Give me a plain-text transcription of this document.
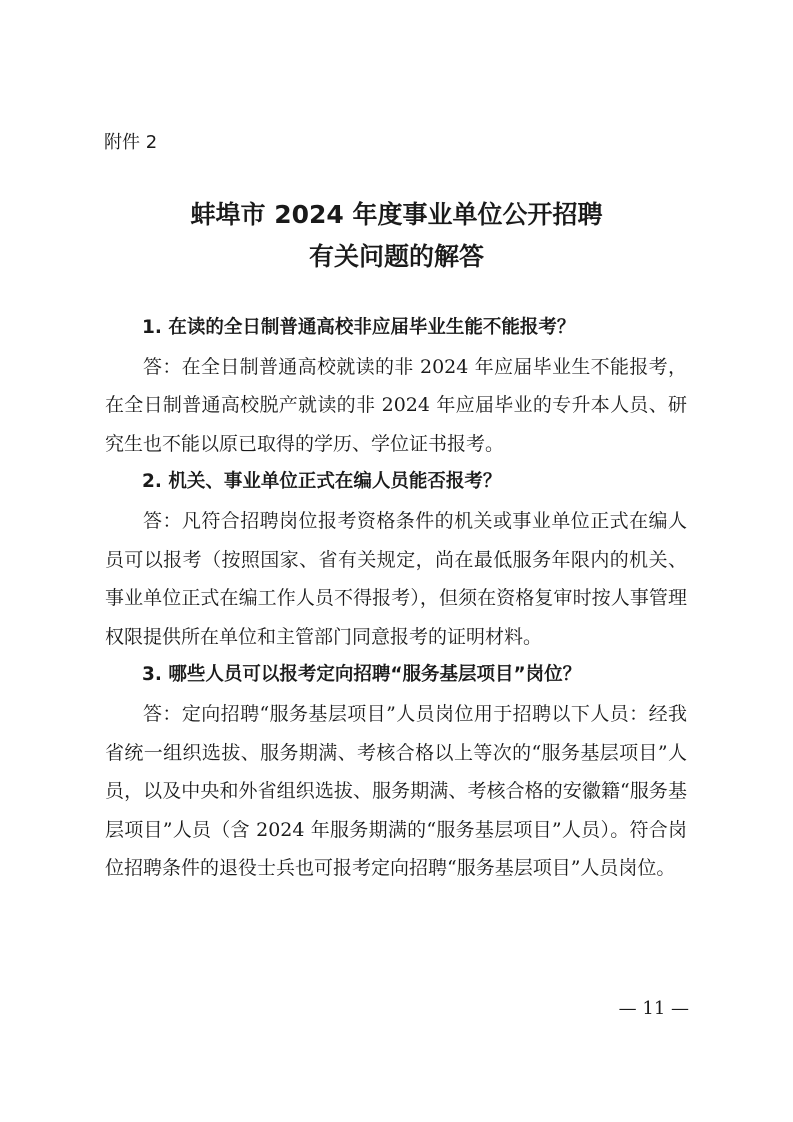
附件 2
蚌埠市 2024 年度事业单位公开招聘
有关问题的解答

1. 在读的全日制普通高校非应届毕业生能不能报考？

答：在全日制普通高校就读的非 2024 年应届毕业生不能报考，在全日制普通高校脱产就读的非 2024 年应届毕业的专升本人员、研究生也不能以原已取得的学历、学位证书报考。

2. 机关、事业单位正式在编人员能否报考？

答：凡符合招聘岗位报考资格条件的机关或事业单位正式在编人员可以报考（按照国家、省有关规定，尚在最低服务年限内的机关、事业单位正式在编工作人员不得报考），但须在资格复审时按人事管理权限提供所在单位和主管部门同意报考的证明材料。

3. 哪些人员可以报考定向招聘“服务基层项目”岗位？

答：定向招聘“服务基层项目”人员岗位用于招聘以下人员：经我省统一组织选拔、服务期满、考核合格以上等次的“服务基层项目”人员，以及中央和外省组织选拔、服务期满、考核合格的安徽籍“服务基层项目”人员（含 2024 年服务期满的“服务基层项目”人员）。符合岗位招聘条件的退役士兵也可报考定向招聘“服务基层项目”人员岗位。

— 11 —
